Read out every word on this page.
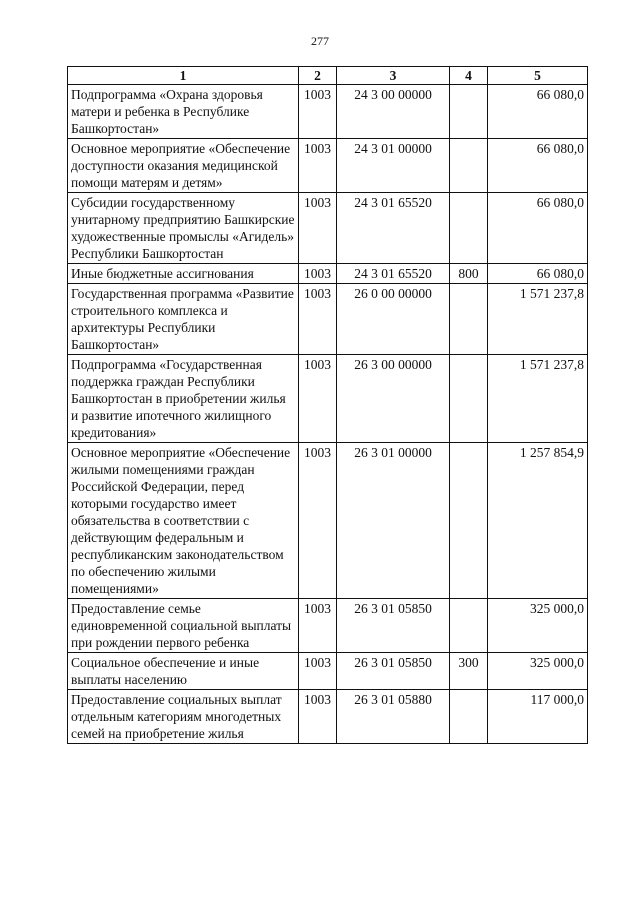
277
1	2	3	4	5
Подпрограмма «Охрана здоровья матери и ребенка в Республике Башкортостан»	1003	24 3 00 00000		66 080,0
Основное мероприятие «Обеспечение доступности оказания медицинской помощи матерям и детям»	1003	24 3 01 00000		66 080,0
Субсидии государственному унитарному предприятию Башкирские художественные промыслы «Агидель» Республики Башкортостан	1003	24 3 01 65520		66 080,0
Иные бюджетные ассигнования	1003	24 3 01 65520	800	66 080,0
Государственная программа «Развитие строительного комплекса и архитектуры Республики Башкортостан»	1003	26 0 00 00000		1 571 237,8
Подпрограмма «Государственная поддержка граждан Республики Башкортостан в приобретении жилья и развитие ипотечного жилищного кредитования»	1003	26 3 00 00000		1 571 237,8
Основное мероприятие «Обеспечение жилыми помещениями граждан Российской Федерации, перед которыми государство имеет обязательства в соответствии с действующим федеральным и республиканским законодательством по обеспечению жилыми помещениями»	1003	26 3 01 00000		1 257 854,9
Предоставление семье единовременной социальной выплаты при рождении первого ребенка	1003	26 3 01 05850		325 000,0
Социальное обеспечение и иные выплаты населению	1003	26 3 01 05850	300	325 000,0
Предоставление социальных выплат отдельным категориям многодетных семей на приобретение жилья	1003	26 3 01 05880		117 000,0
